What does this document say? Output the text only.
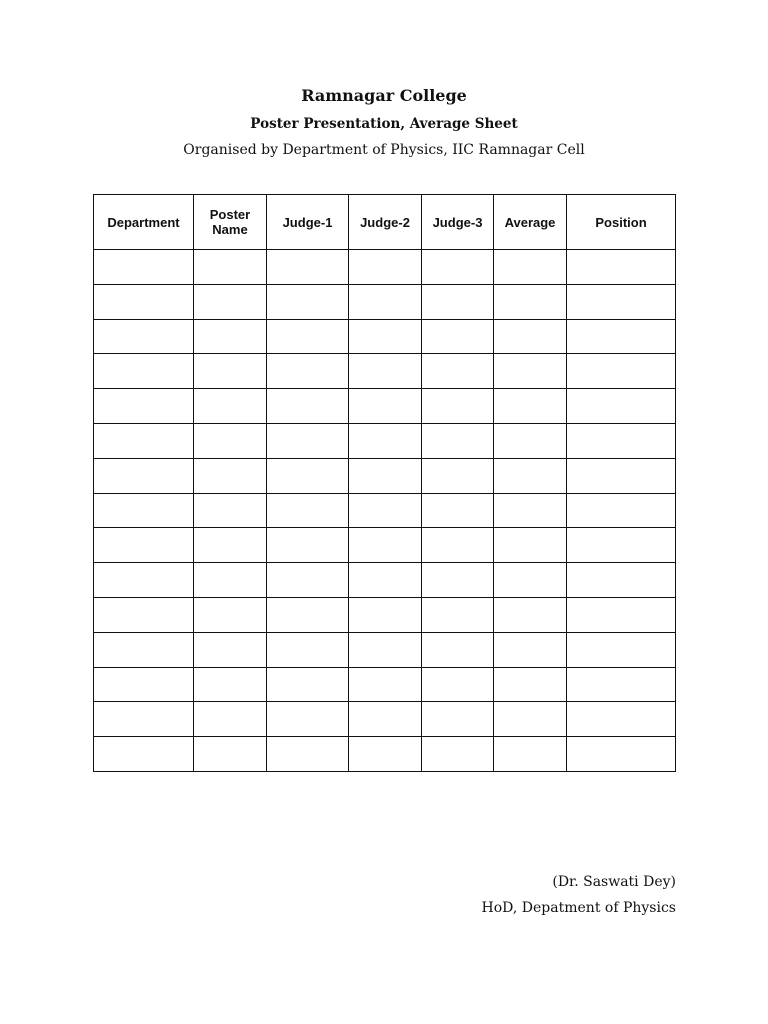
Ramnagar College
Poster Presentation, Average Sheet
Organised by Department of Physics, IIC Ramnagar Cell
Department	Poster Name	Judge-1	Judge-2	Judge-3	Average	Position

(Dr. Saswati Dey)
HoD, Depatment of Physics
